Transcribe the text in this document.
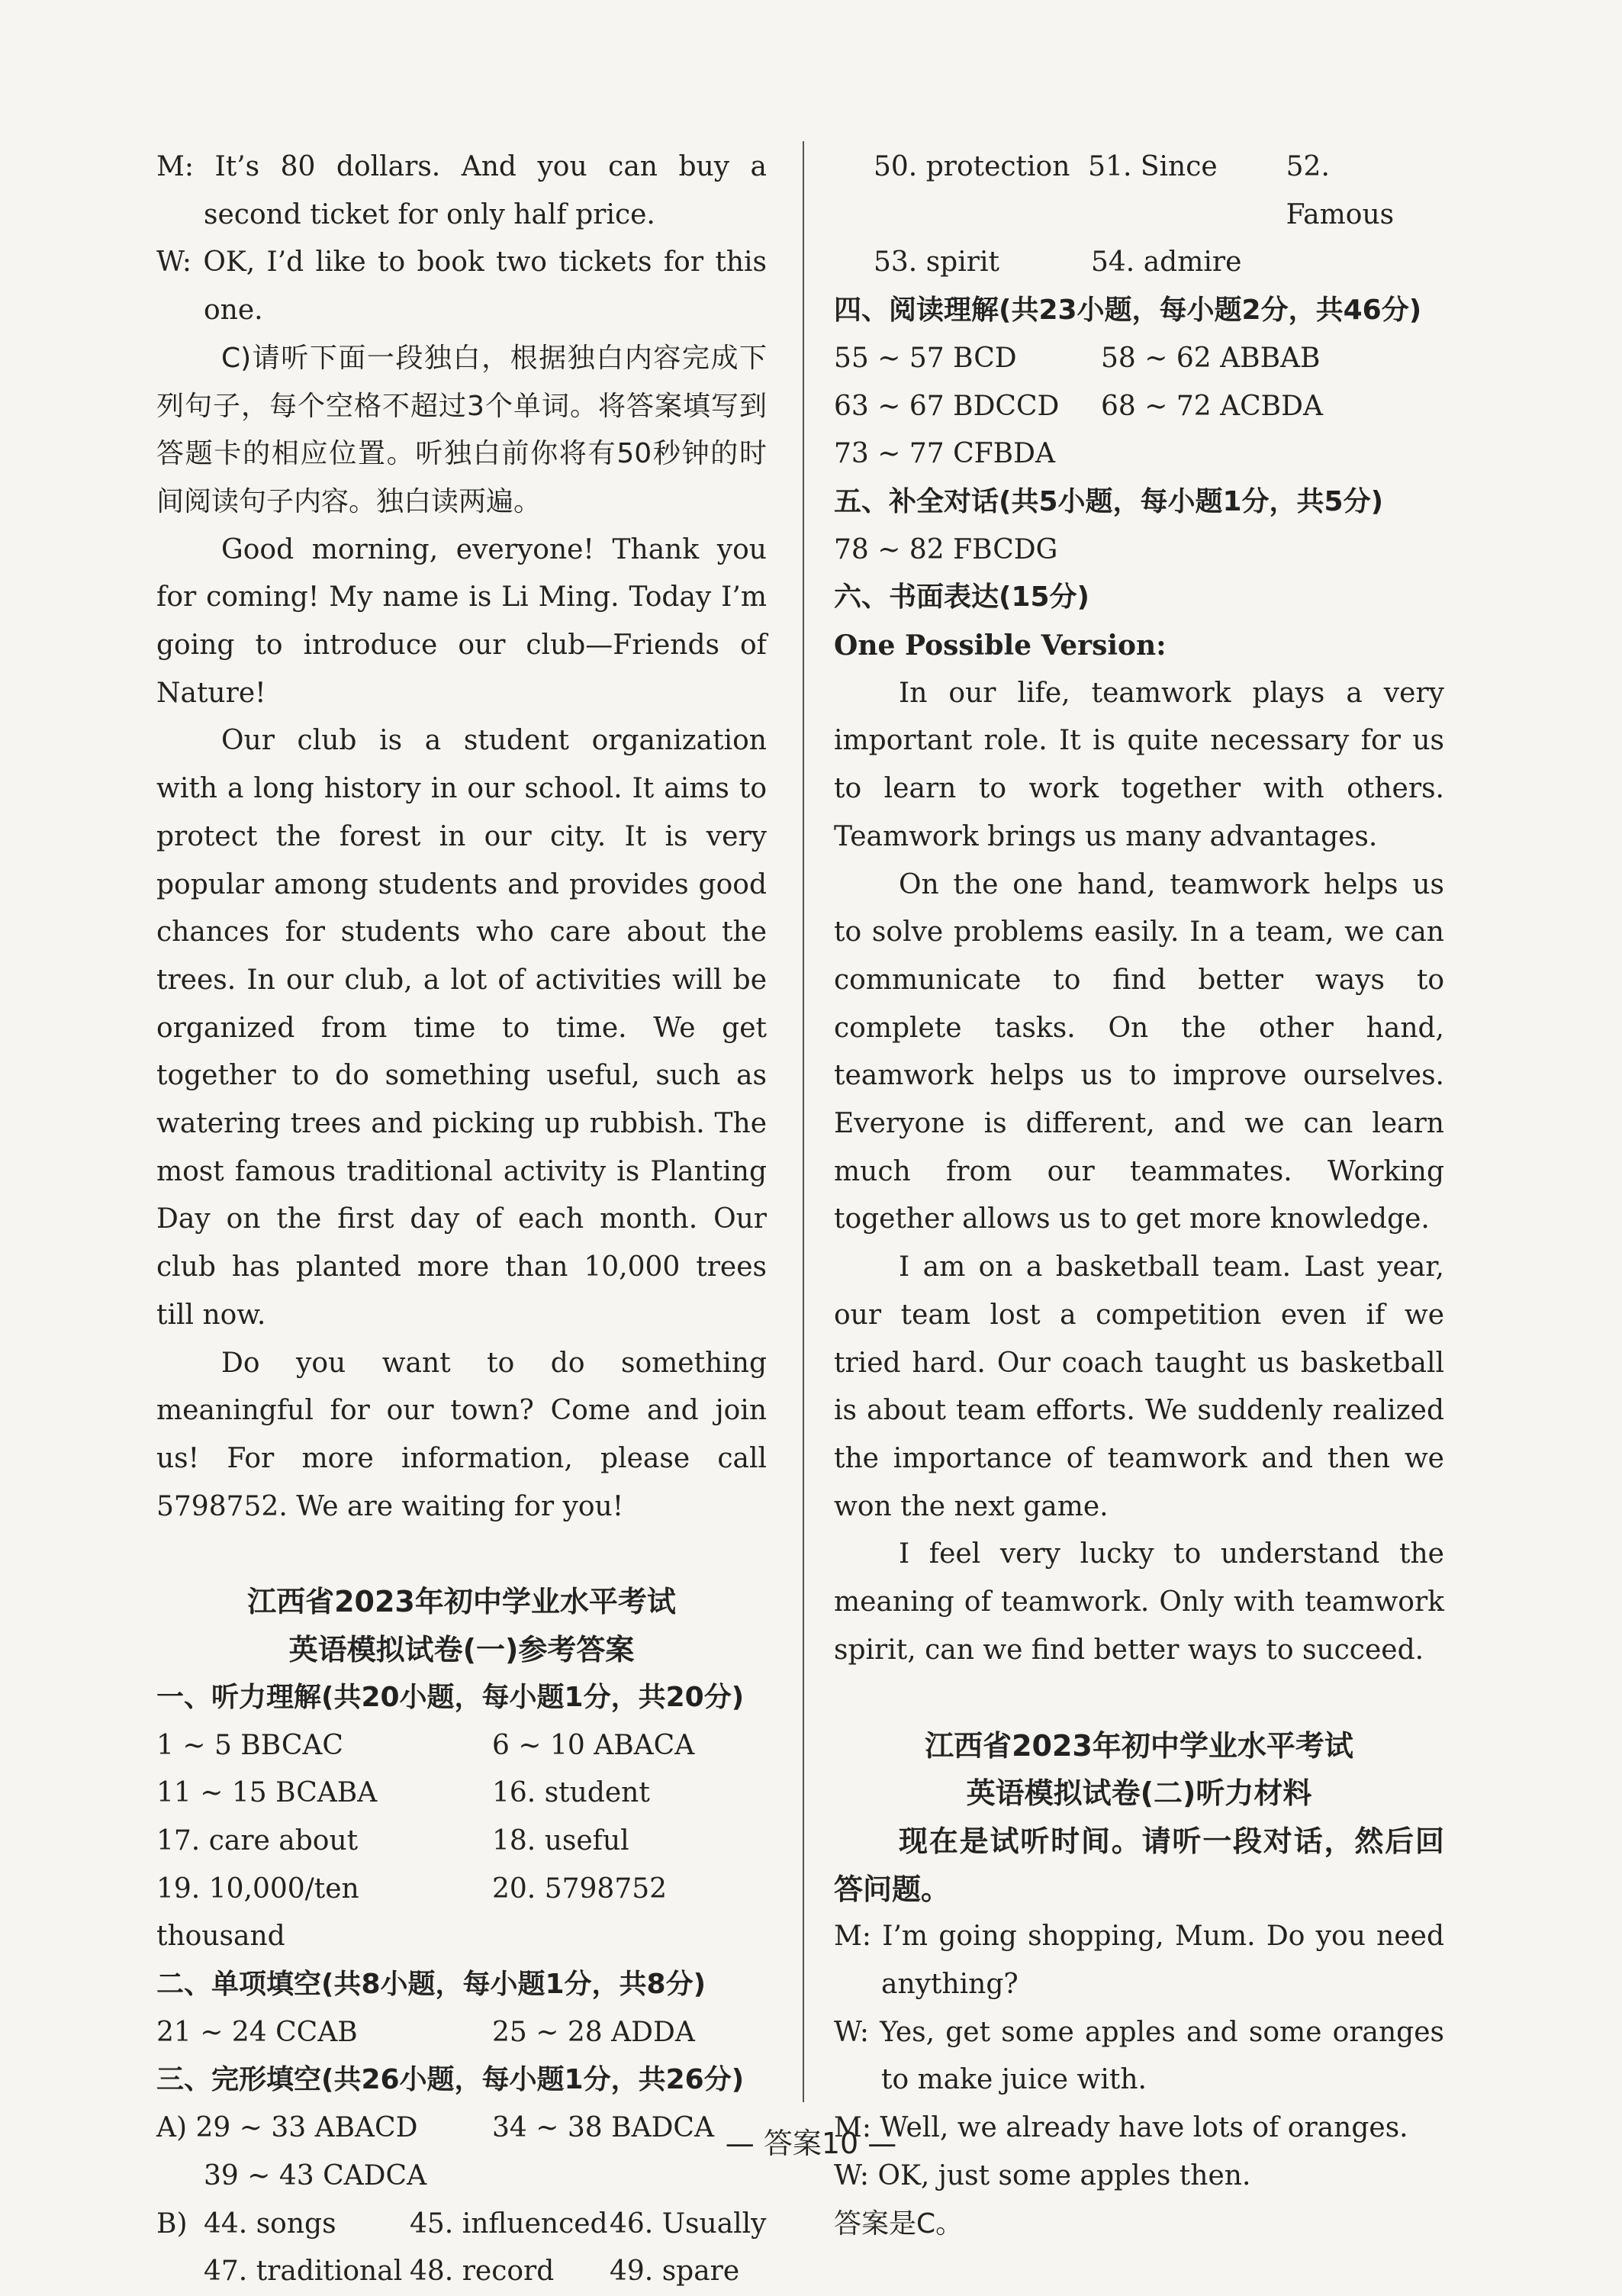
M: It’s 80 dollars. And you can buy a second ticket for only half price.

W: OK, I’d like to book two tickets for this one.

C)请听下面一段独白，根据独白内容完成下列句子，每个空格不超过3个单词。将答案填写到答题卡的相应位置。听独白前你将有50秒钟的时间阅读句子内容。独白读两遍。

Good morning, everyone! Thank you for coming! My name is Li Ming. Today I’m going to introduce our club—Friends of Nature!

Our club is a student organization with a long history in our school. It aims to protect the forest in our city. It is very popular among students and provides good chances for students who care about the trees. In our club, a lot of activities will be organized from time to time. We get together to do something useful, such as watering trees and picking up rubbish. The most famous traditional activity is Planting Day on the first day of each month. Our club has planted more than 10,000 trees till now.

Do you want to do something meaningful for our town? Come and join us! For more information, please call 5798752. We are waiting for you!

江西省2023年初中学业水平考试

英语模拟试卷(一)参考答案

一、听力理解(共20小题，每小题1分，共20分)

1 ~ 5 BBCAC	6 ~ 10 ABACA
11 ~ 15 BCABA	16. student
17. care about	18. useful
19. 10,000/ten thousand
20. 5798752

二、单项填空(共8小题，每小题1分，共8分)

21 ~ 24 CCAB	25 ~ 28 ADDA

三、完形填空(共26小题，每小题1分，共26分)

A) 29 ~ 33 ABACD	34 ~ 38 BADCA
39 ~ 43 CADCA
B) 44. songs	45. influenced 46. Usually
47. traditional 48. record	49. spare
50. protection 51. Since	52. Famous
53. spirit	54. admire

四、阅读理解(共23小题，每小题2分，共46分)

55 ~ 57 BCD	58 ~ 62 ABBAB
63 ~ 67 BDCCD	68 ~ 72 ACBDA
73 ~ 77 CFBDA

五、补全对话(共5小题，每小题1分，共5分)

78 ~ 82 FBCDG

六、书面表达(15分)

One Possible Version:

In our life, teamwork plays a very important role. It is quite necessary for us to learn to work together with others. Teamwork brings us many advantages.

On the one hand, teamwork helps us to solve problems easily. In a team, we can communicate to find better ways to complete tasks. On the other hand, teamwork helps us to improve ourselves. Everyone is different, and we can learn much from our teammates. Working together allows us to get more knowledge.

I am on a basketball team. Last year, our team lost a competition even if we tried hard. Our coach taught us basketball is about team efforts. We suddenly realized the importance of teamwork and then we won the next game.

I feel very lucky to understand the meaning of teamwork. Only with teamwork spirit, can we find better ways to succeed.

江西省2023年初中学业水平考试

英语模拟试卷(二)听力材料

现在是试听时间。请听一段对话，然后回答问题。

M: I’m going shopping, Mum. Do you need anything?

W: Yes, get some apples and some oranges to make juice with.

M: Well, we already have lots of oranges.

W: OK, just some apples then.

答案是C。

— 答案10 —
